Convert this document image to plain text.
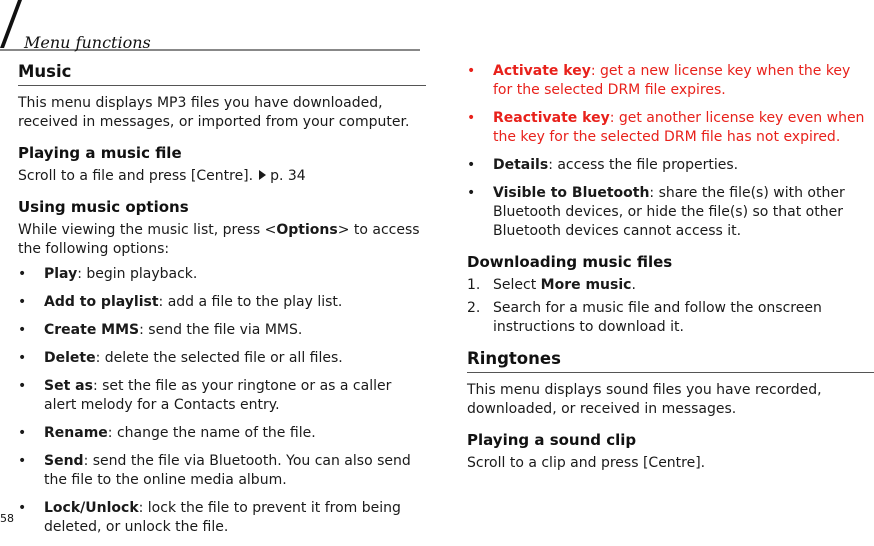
Menu functions
Music

This menu displays MP3 files you have downloaded, received in messages, or imported from your computer.

Playing a music file

Scroll to a file and press [Centre]. p. 34

Using music options

While viewing the music list, press <Options> to access the following options:

• Play: begin playback.
• Add to playlist: add a file to the play list.
• Create MMS: send the file via MMS.
• Delete: delete the selected file or all files.
• Set as: set the file as your ringtone or as a caller alert melody for a Contacts entry.
• Rename: change the name of the file.
• Send: send the file via Bluetooth. You can also send the file to the online media album.
• Lock/Unlock: lock the file to prevent it from being deleted, or unlock the file.
• Activate key: get a new license key when the key for the selected DRM file expires.
• Reactivate key: get another license key even when the key for the selected DRM file has not expired.
• Details: access the file properties.
• Visible to Bluetooth: share the file(s) with other Bluetooth devices, or hide the file(s) so that other Bluetooth devices cannot access it.
Downloading music files
1. Select More music.
2. Search for a music file and follow the onscreen instructions to download it.
Ringtones

This menu displays sound files you have recorded, downloaded, or received in messages.

Playing a sound clip

Scroll to a clip and press [Centre].

58
